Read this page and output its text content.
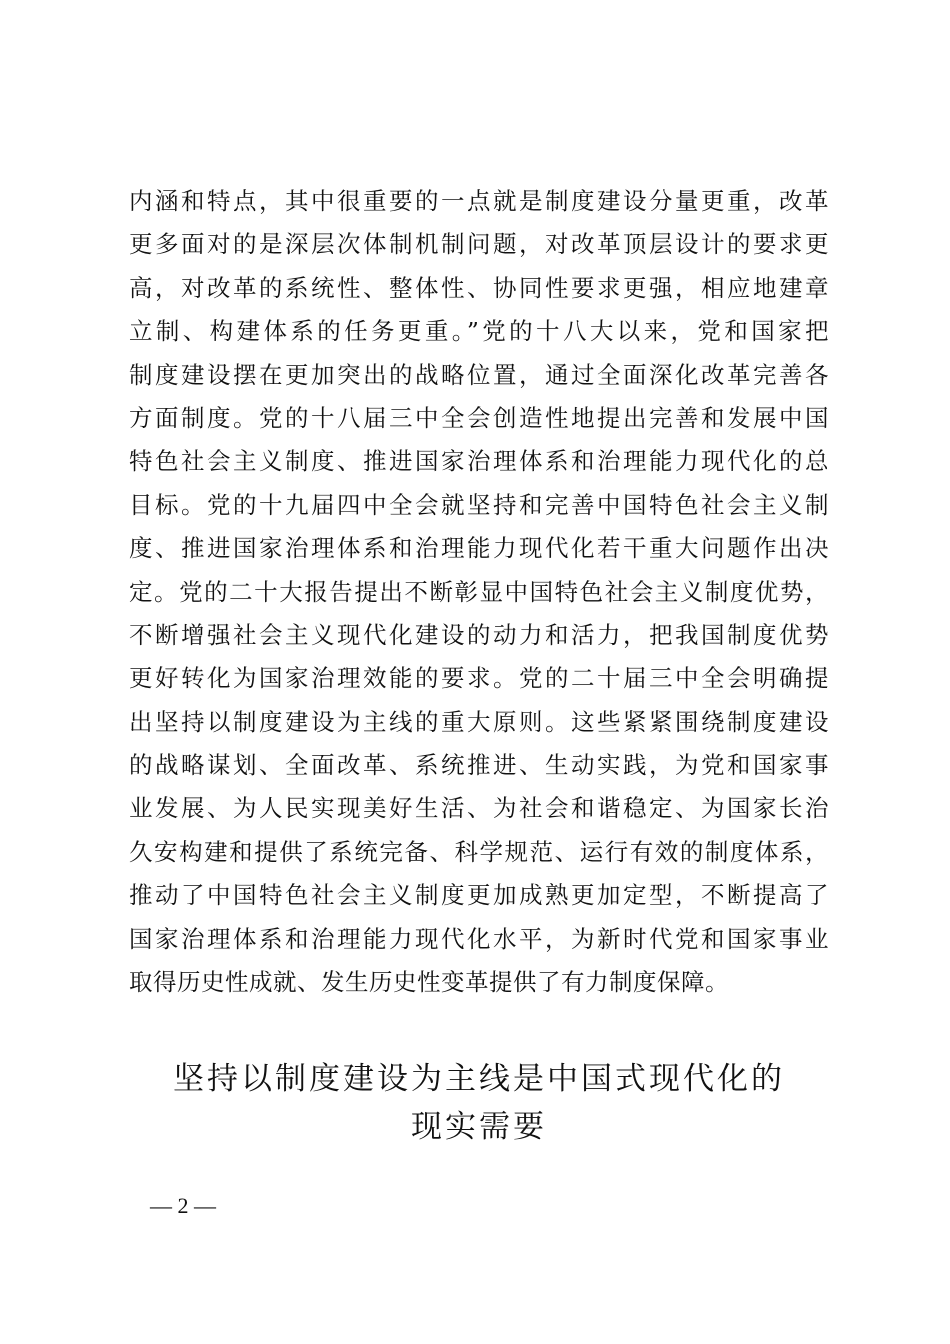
内涵和特点，其中很重要的一点就是制度建设分量更重，改革
更多面对的是深层次体制机制问题，对改革顶层设计的要求更
高，对改革的系统性、整体性、协同性要求更强，相应地建章
立制、构建体系的任务更重。”党的十八大以来，党和国家把
制度建设摆在更加突出的战略位置，通过全面深化改革完善各
方面制度。党的十八届三中全会创造性地提出完善和发展中国
特色社会主义制度、推进国家治理体系和治理能力现代化的总
目标。党的十九届四中全会就坚持和完善中国特色社会主义制
度、推进国家治理体系和治理能力现代化若干重大问题作出决
定。党的二十大报告提出不断彰显中国特色社会主义制度优势，
不断增强社会主义现代化建设的动力和活力，把我国制度优势
更好转化为国家治理效能的要求。党的二十届三中全会明确提
出坚持以制度建设为主线的重大原则。这些紧紧围绕制度建设
的战略谋划、全面改革、系统推进、生动实践，为党和国家事
业发展、为人民实现美好生活、为社会和谐稳定、为国家长治
久安构建和提供了系统完备、科学规范、运行有效的制度体系，
推动了中国特色社会主义制度更加成熟更加定型，不断提高了
国家治理体系和治理能力现代化水平，为新时代党和国家事业
取得历史性成就、发生历史性变革提供了有力制度保障。
坚持以制度建设为主线是中国式现代化的
现实需要
— 2 —
